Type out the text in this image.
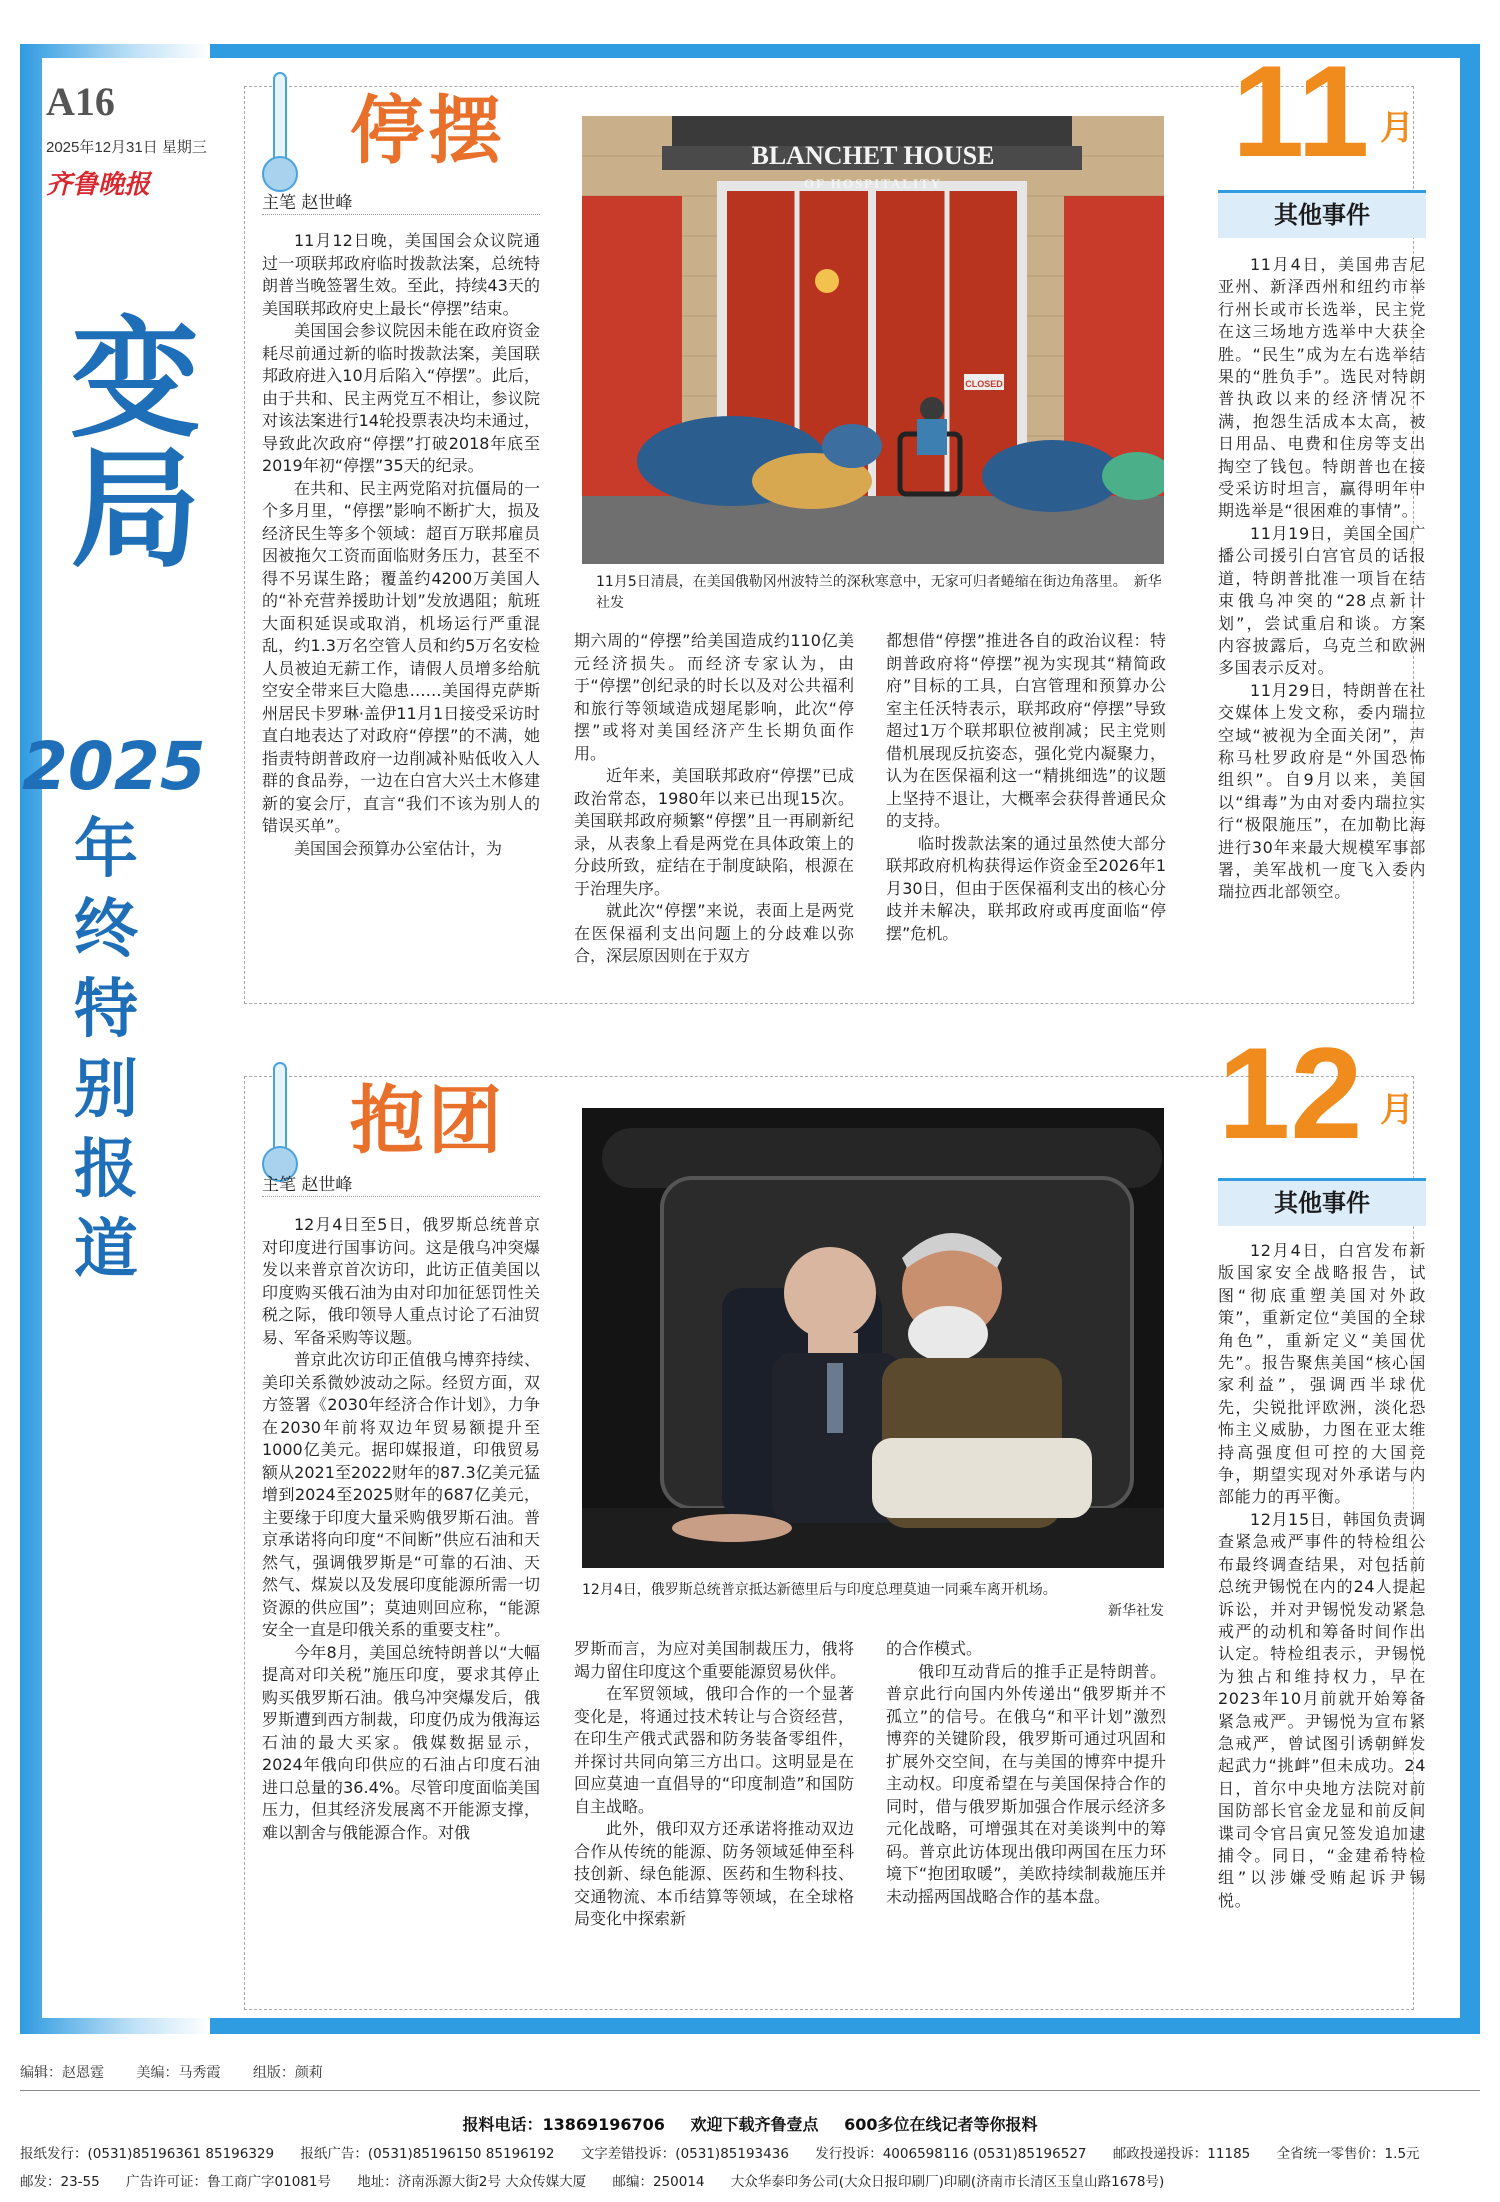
A16
2025年12月31日 星期三
齐鲁晚报
变局
2025
年
终
特
别
报
道
停摆
主笔 赵世峰

11月12日晚，美国国会众议院通过一项联邦政府临时拨款法案，总统特朗普当晚签署生效。至此，持续43天的美国联邦政府史上最长“停摆”结束。

美国国会参议院因未能在政府资金耗尽前通过新的临时拨款法案，美国联邦政府进入10月后陷入“停摆”。此后，由于共和、民主两党互不相让，参议院对该法案进行14轮投票表决均未通过，导致此次政府“停摆”打破2018年底至2019年初“停摆”35天的纪录。

在共和、民主两党陷对抗僵局的一个多月里，“停摆”影响不断扩大，损及经济民生等多个领域：超百万联邦雇员因被拖欠工资而面临财务压力，甚至不得不另谋生路；覆盖约4200万美国人的“补充营养援助计划”发放遇阻；航班大面积延误或取消，机场运行严重混乱，约1.3万名空管人员和约5万名安检人员被迫无薪工作，请假人员增多给航空安全带来巨大隐患……美国得克萨斯州居民卡罗琳·盖伊11月1日接受采访时直白地表达了对政府“停摆”的不满，她指责特朗普政府一边削减补贴低收入人群的食品券，一边在白宫大兴土木修建新的宴会厅，直言“我们不该为别人的错误买单”。

美国国会预算办公室估计，为

BLANCHET HOUSE
OF HOSPITALITY
CLOSED
11月5日清晨，在美国俄勒冈州波特兰的深秋寒意中，无家可归者蜷缩在街边角落里。　新华社发

期六周的“停摆”给美国造成约110亿美元经济损失。而经济专家认为，由于“停摆”创纪录的时长以及对公共福利和旅行等领域造成翅尾影响，此次“停摆”或将对美国经济产生长期负面作用。

近年来，美国联邦政府“停摆”已成政治常态，1980年以来已出现15次。美国联邦政府频繁“停摆”且一再刷新纪录，从表象上看是两党在具体政策上的分歧所致，症结在于制度缺陷，根源在于治理失序。

就此次“停摆”来说，表面上是两党在医保福利支出问题上的分歧难以弥合，深层原因则在于双方

都想借“停摆”推进各自的政治议程：特朗普政府将“停摆”视为实现其“精简政府”目标的工具，白宫管理和预算办公室主任沃特表示，联邦政府“停摆”导致超过1万个联邦职位被削减；民主党则借机展现反抗姿态，强化党内凝聚力，认为在医保福利这一“精挑细选”的议题上坚持不退让，大概率会获得普通民众的支持。

临时拨款法案的通过虽然使大部分联邦政府机构获得运作资金至2026年1月30日，但由于医保福利支出的核心分歧并未解决，联邦政府或再度面临“停摆”危机。

11 月
其他事件

11月4日，美国弗吉尼亚州、新泽西州和纽约市举行州长或市长选举，民主党在这三场地方选举中大获全胜。“民生”成为左右选举结果的“胜负手”。选民对特朗普执政以来的经济情况不满，抱怨生活成本太高，被日用品、电费和住房等支出掏空了钱包。特朗普也在接受采访时坦言，赢得明年中期选举是“很困难的事情”。

11月19日，美国全国广播公司援引白宫官员的话报道，特朗普批准一项旨在结束俄乌冲突的“28点新计划”，尝试重启和谈。方案内容披露后，乌克兰和欧洲多国表示反对。

11月29日，特朗普在社交媒体上发文称，委内瑞拉空域“被视为全面关闭”，声称马杜罗政府是“外国恐怖组织”。自9月以来，美国以“缉毒”为由对委内瑞拉实行“极限施压”，在加勒比海进行30年来最大规模军事部署，美军战机一度飞入委内瑞拉西北部领空。

抱团
主笔 赵世峰

12月4日至5日，俄罗斯总统普京对印度进行国事访问。这是俄乌冲突爆发以来普京首次访印，此访正值美国以印度购买俄石油为由对印加征惩罚性关税之际，俄印领导人重点讨论了石油贸易、军备采购等议题。

普京此次访印正值俄乌博弈持续、美印关系微妙波动之际。经贸方面，双方签署《2030年经济合作计划》，力争在2030年前将双边年贸易额提升至1000亿美元。据印媒报道，印俄贸易额从2021至2022财年的87.3亿美元猛增到2024至2025财年的687亿美元，主要缘于印度大量采购俄罗斯石油。普京承诺将向印度“不间断”供应石油和天然气，强调俄罗斯是“可靠的石油、天然气、煤炭以及发展印度能源所需一切资源的供应国”；莫迪则回应称，“能源安全一直是印俄关系的重要支柱”。

今年8月，美国总统特朗普以“大幅提高对印关税”施压印度，要求其停止购买俄罗斯石油。俄乌冲突爆发后，俄罗斯遭到西方制裁，印度仍成为俄海运石油的最大买家。俄媒数据显示，2024年俄向印供应的石油占印度石油进口总量的36.4%。尽管印度面临美国压力，但其经济发展离不开能源支撑，难以割舍与俄能源合作。对俄

12月4日，俄罗斯总统普京抵达新德里后与印度总理莫迪一同乘车离开机场。
新华社发

罗斯而言，为应对美国制裁压力，俄将竭力留住印度这个重要能源贸易伙伴。

在军贸领域，俄印合作的一个显著变化是，将通过技术转让与合资经营，在印生产俄式武器和防务装备零组件，并探讨共同向第三方出口。这明显是在回应莫迪一直倡导的“印度制造”和国防自主战略。

此外，俄印双方还承诺将推动双边合作从传统的能源、防务领域延伸至科技创新、绿色能源、医药和生物科技、交通物流、本币结算等领域，在全球格局变化中探索新

的合作模式。

俄印互动背后的推手正是特朗普。普京此行向国内外传递出“俄罗斯并不孤立”的信号。在俄乌“和平计划”激烈博弈的关键阶段，俄罗斯可通过巩固和扩展外交空间，在与美国的博弈中提升主动权。印度希望在与美国保持合作的同时，借与俄罗斯加强合作展示经济多元化战略，可增强其在对美谈判中的筹码。普京此访体现出俄印两国在压力环境下“抱团取暖”，美欧持续制裁施压并未动摇两国战略合作的基本盘。

12 月
其他事件

12月4日，白宫发布新版国家安全战略报告，试图“彻底重塑美国对外政策”，重新定位“美国的全球角色”，重新定义“美国优先”。报告聚焦美国“核心国家利益”，强调西半球优先，尖锐批评欧洲，淡化恐怖主义威胁，力图在亚太维持高强度但可控的大国竞争，期望实现对外承诺与内部能力的再平衡。

12月15日，韩国负责调查紧急戒严事件的特检组公布最终调查结果，对包括前总统尹锡悦在内的24人提起诉讼，并对尹锡悦发动紧急戒严的动机和筹备时间作出认定。特检组表示，尹锡悦为独占和维持权力，早在2023年10月前就开始筹备紧急戒严。尹锡悦为宣布紧急戒严，曾试图引诱朝鲜发起武力“挑衅”但未成功。24日，首尔中央地方法院对前国防部长官金龙显和前反间谍司令官吕寅兄签发追加逮捕令。同日，“金建希特检组”以涉嫌受贿起诉尹锡悦。

编辑：赵恩霆 美编：马秀霞 组版：颜莉
报料电话：13869196706 欢迎下载齐鲁壹点 600多位在线记者等你报料
报纸发行：(0531)85196361 85196329 报纸广告：(0531)85196150 85196192 文字差错投诉：(0531)85193436 发行投诉：4006598116 (0531)85196527 邮政投递投诉：11185 全省统一零售价：1.5元
邮发：23-55 广告许可证：鲁工商广字01081号 地址：济南泺源大街2号 大众传媒大厦 邮编：250014 大众华泰印务公司(大众日报印刷厂)印刷(济南市长清区玉皇山路1678号)
